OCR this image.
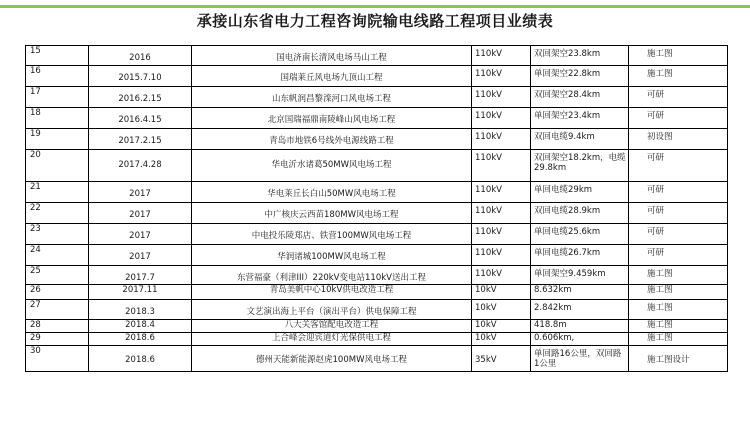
承接山东省电力工程咨询院输电线路工程项目业绩表
15	2016	国电济南长清风电场马山工程	110kV	双回架空23.8km	施工图
16	2015.7.10	国瑞莱丘风电场九顶山工程	110kV	单回架空22.8km	施工图
17	2016.2.15	山东帆润昌黎滦河口风电场工程	110kV	双回架空28.4km	可研
18	2016.4.15	北京国瑞福鼎南陵峰山风电场工程	110kV	单回架空23.4km	可研
19	2017.2.15	青岛市地铁6号线外电源线路工程	110kV	双回电缆9.4km	初设图
20	2017.4.28	华电沂水诸葛50MW风电场工程	110kV	双回架空18.2km，电缆29.8km	可研
21	2017	华电莱丘长白山50MW风电场工程	110kV	单回电缆29km	可研
22	2017	中广核庆云西苗180MW风电场工程	110kV	双回电缆28.9km	可研
23	2017	中电投乐陵郑店、铁营100MW风电场工程	110kV	单回电缆25.6km	可研
24	2017	华润诸城100MW风电场工程	110kV	单回电缆26.7km	可研
25	2017.7	东营福豪（利津III）220kV变电站110kV送出工程	110kV	单回架空9.459km	施工图
26	2017.11	青岛美帆中心10kV供电改造工程	10kV	8.632km	施工图
27	2018.3	文艺演出海上平台（演出平台）供电保障工程	10kV	2.842km	施工图
28	2018.4	八大关客馆配电改造工程	10kV	418.8m	施工图
29	2018.6	上合峰会迎宾道灯光保供电工程	10kV	0.606km,	施工图
30	2018.6	德州天能新能源赵虎100MW风电场工程	35kV	单回路16公里，双回路1公里	施工图设计
